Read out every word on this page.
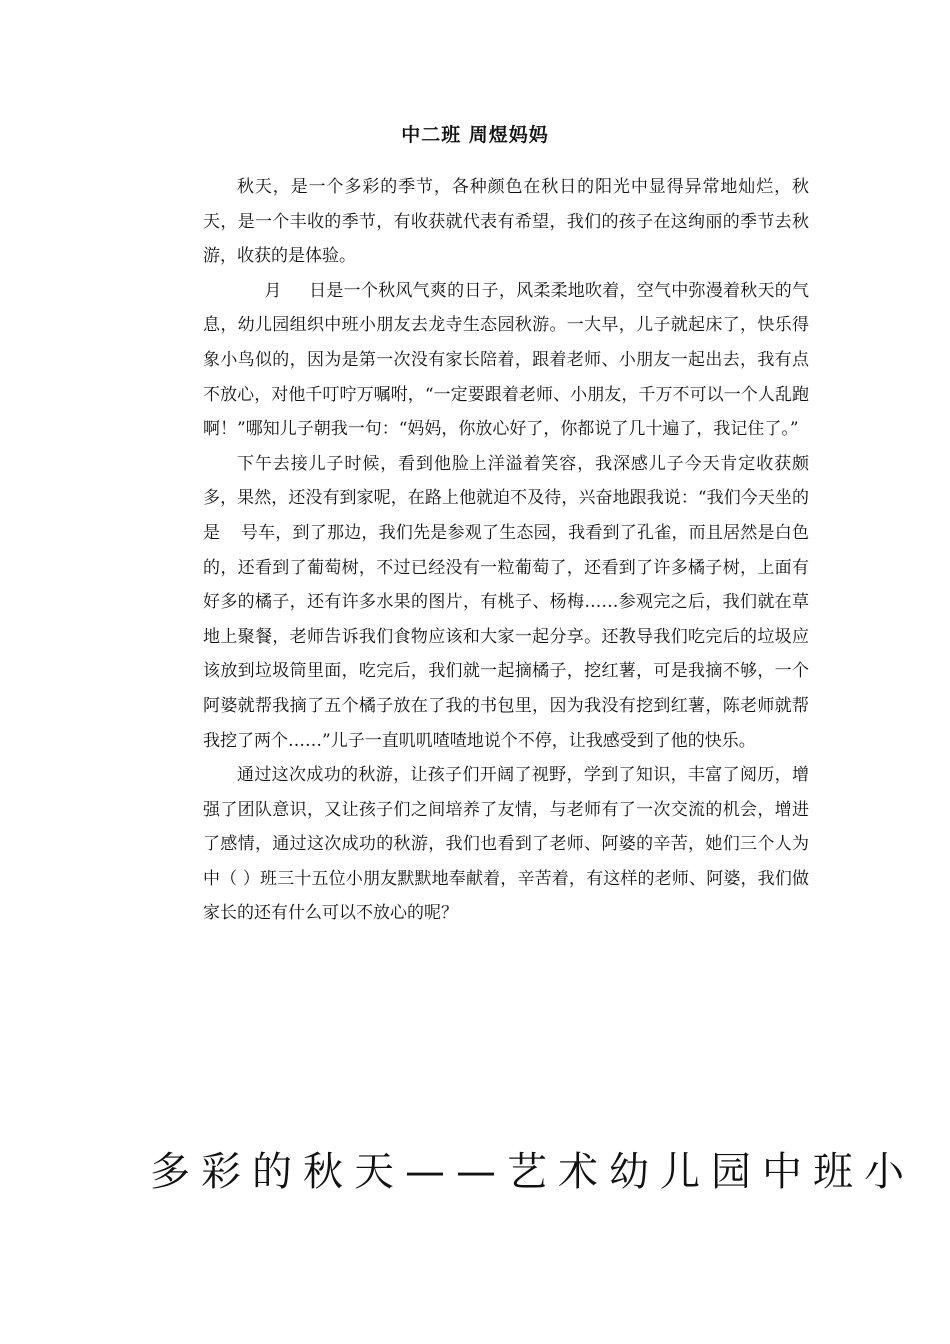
中二班 周煜妈妈

秋天，是一个多彩的季节，各种颜色在秋日的阳光中显得异常地灿烂，秋天，是一个丰收的季节，有收获就代表有希望，我们的孩子在这绚丽的季节去秋游，收获的是体验。

月 日是一个秋风气爽的日子，风柔柔地吹着，空气中弥漫着秋天的气息，幼儿园组织中班小朋友去龙寺生态园秋游。一大早，儿子就起床了，快乐得象小鸟似的，因为是第一次没有家长陪着，跟着老师、小朋友一起出去，我有点不放心，对他千叮咛万嘱咐，“一定要跟着老师、小朋友，千万不可以一个人乱跑啊！”哪知儿子朝我一句：“妈妈，你放心好了，你都说了几十遍了，我记住了。”

下午去接儿子时候，看到他脸上洋溢着笑容，我深感儿子今天肯定收获颇多，果然，还没有到家呢，在路上他就迫不及待，兴奋地跟我说：“我们今天坐的是 号车，到了那边，我们先是参观了生态园，我看到了孔雀，而且居然是白色的，还看到了葡萄树，不过已经没有一粒葡萄了，还看到了许多橘子树，上面有好多的橘子，还有许多水果的图片，有桃子、杨梅……参观完之后，我们就在草地上聚餐，老师告诉我们食物应该和大家一起分享。还教导我们吃完后的垃圾应该放到垃圾筒里面，吃完后，我们就一起摘橘子，挖红薯，可是我摘不够，一个阿婆就帮我摘了五个橘子放在了我的书包里，因为我没有挖到红薯，陈老师就帮我挖了两个……”儿子一直叽叽喳喳地说个不停，让我感受到了他的快乐。

通过这次成功的秋游，让孩子们开阔了视野，学到了知识，丰富了阅历，增强了团队意识，又让孩子们之间培养了友情，与老师有了一次交流的机会，增进了感情，通过这次成功的秋游，我们也看到了老师、阿婆的辛苦，她们三个人为中（ ）班三十五位小朋友默默地奉献着，辛苦着，有这样的老师、阿婆，我们做家长的还有什么可以不放心的呢？

多彩的秋天——艺术幼儿园中班小
